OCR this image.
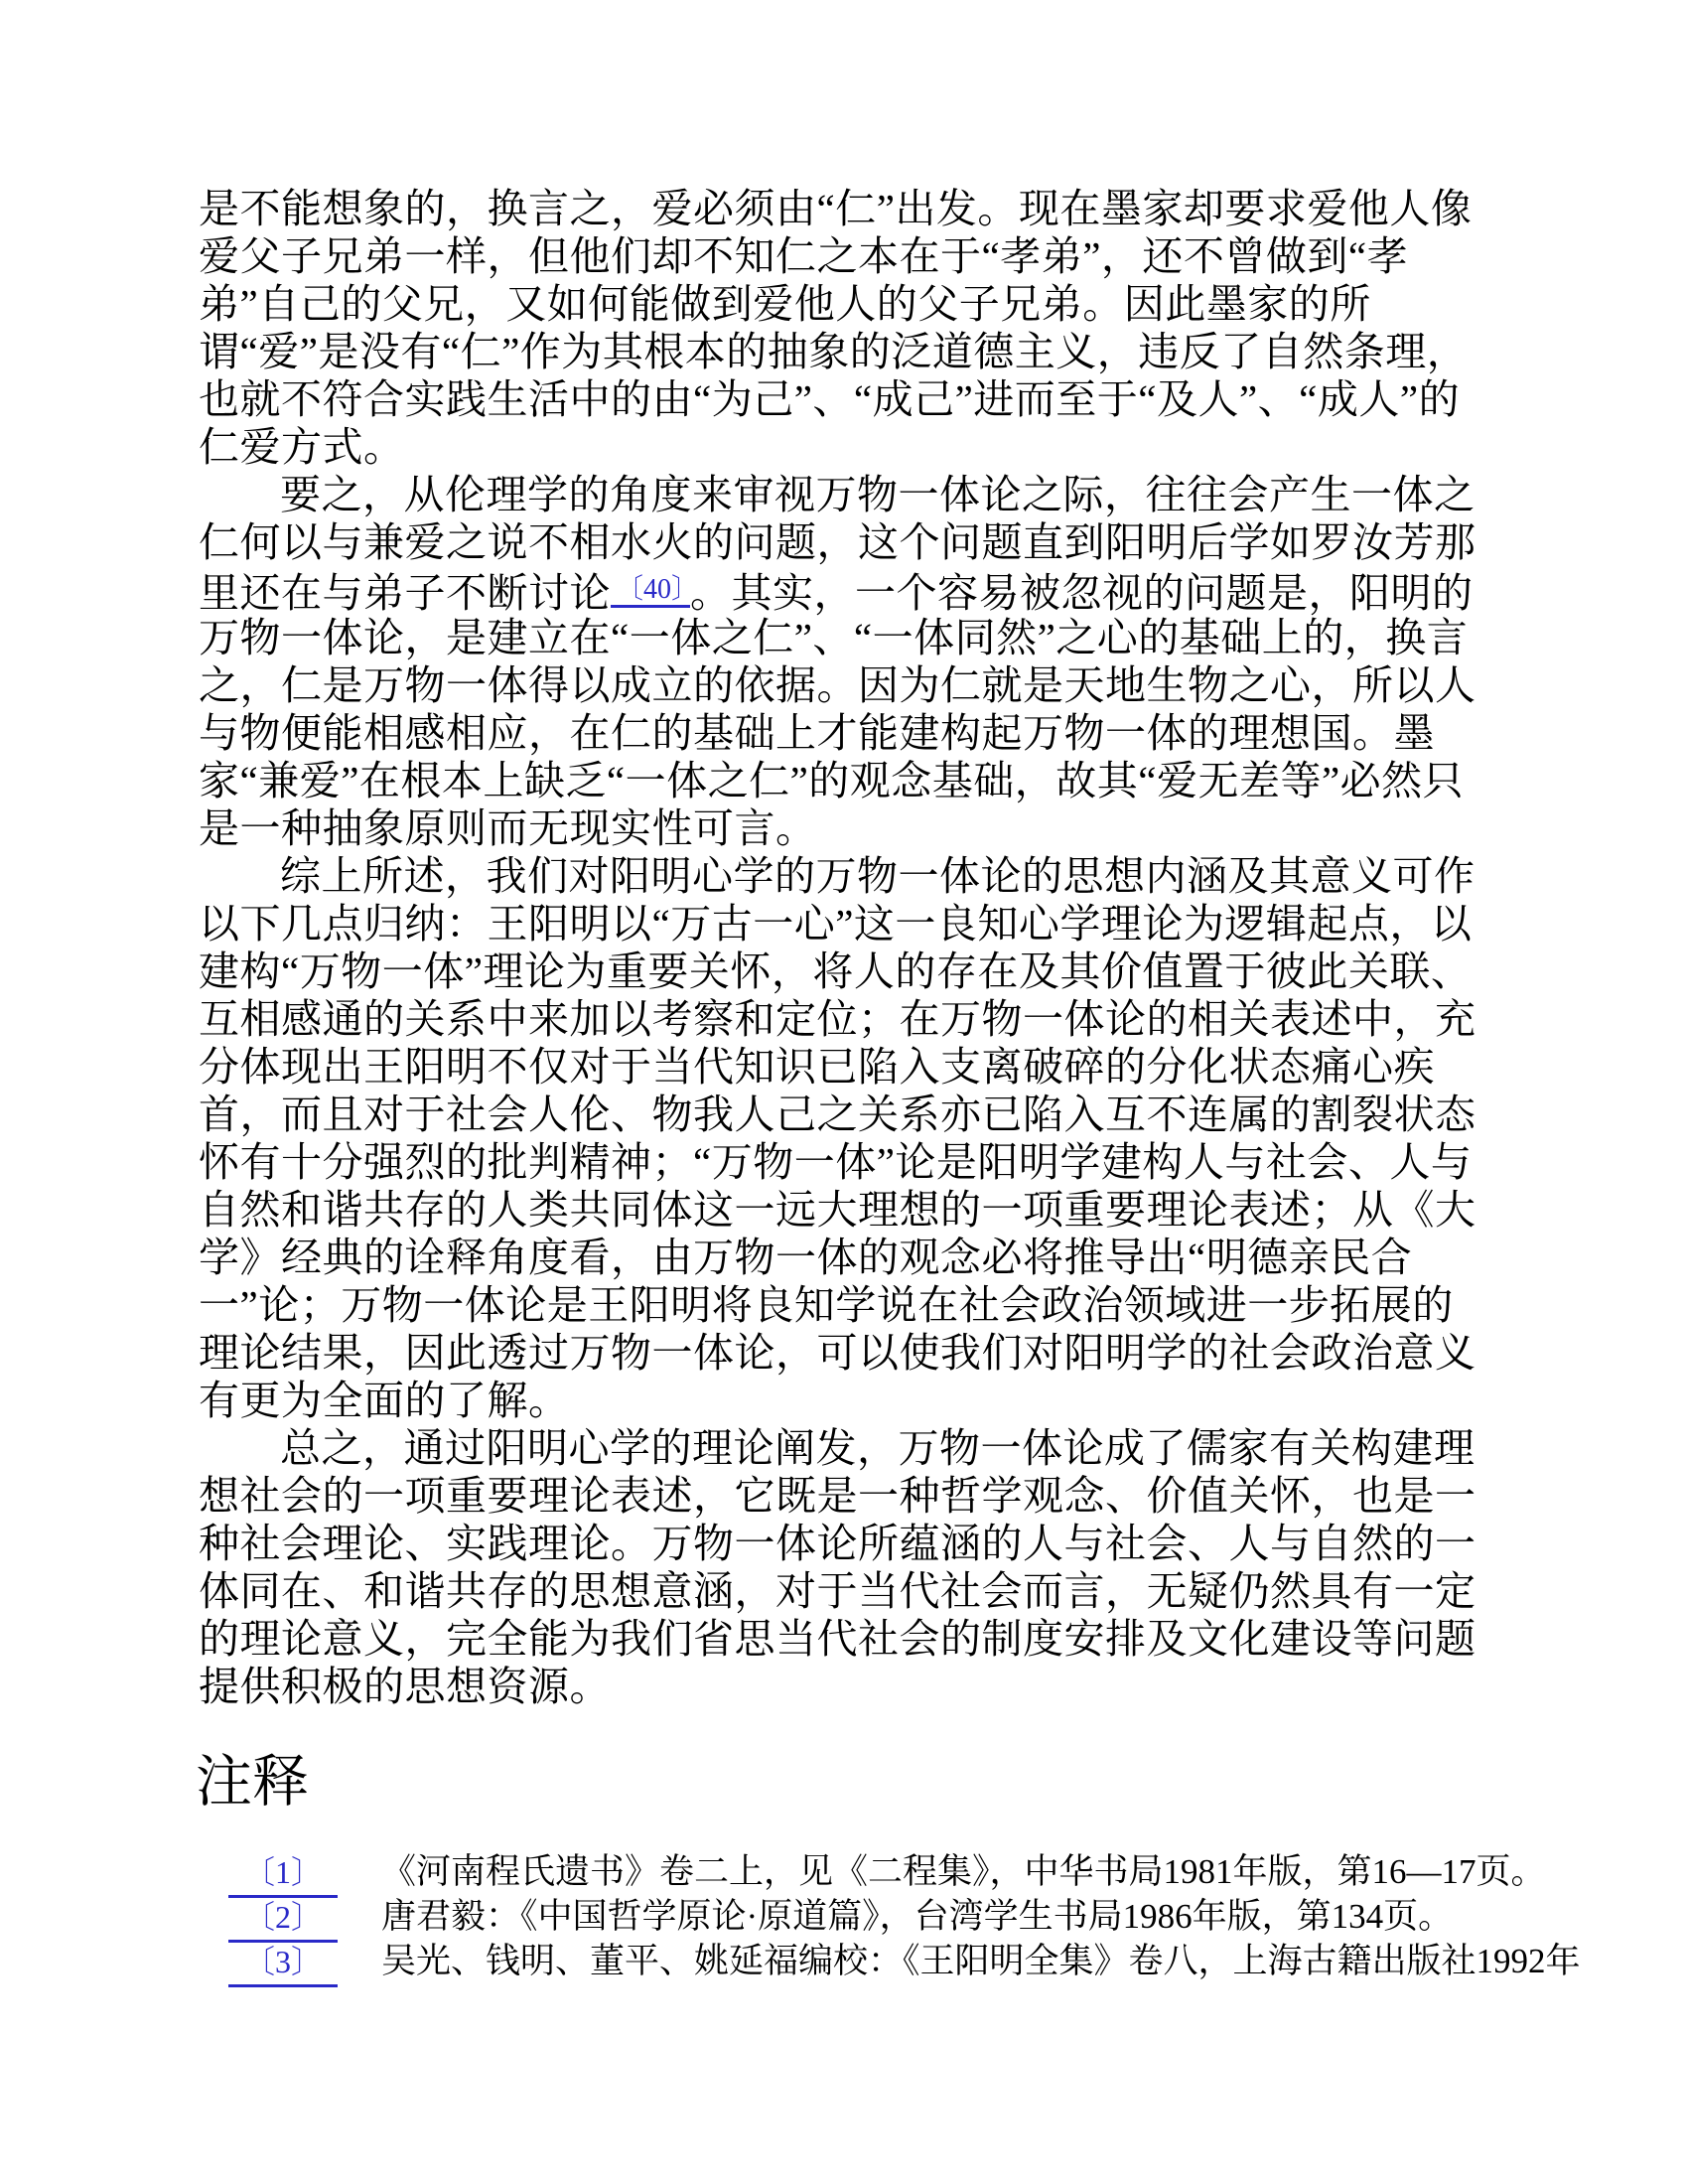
是不能想象的，换言之，爱必须由“仁”出发。现在墨家却要求爱他人像
爱父子兄弟一样，但他们却不知仁之本在于“孝弟”，还不曾做到“孝
弟”自己的父兄，又如何能做到爱他人的父子兄弟。因此墨家的所
谓“爱”是没有“仁”作为其根本的抽象的泛道德主义，违反了自然条理，
也就不符合实践生活中的由“为己”、“成己”进而至于“及人”、“成人”的
仁爱方式。
要之，从伦理学的角度来审视万物一体论之际，往往会产生一体之
仁何以与兼爱之说不相水火的问题，这个问题直到阳明后学如罗汝芳那
里还在与弟子不断讨论 $^{〔40〕}$ 。其实，一个容易被忽视的问题是，阳明的
万物一体论，是建立在“一体之仁”、“一体同然”之心的基础上的，换言
之，仁是万物一体得以成立的依据。因为仁就是天地生物之心，所以人
与物便能相感相应，在仁的基础上才能建构起万物一体的理想国。墨
家“兼爱”在根本上缺乏“一体之仁”的观念基础，故其“爱无差等”必然只
是一种抽象原则而无现实性可言。
综上所述，我们对阳明心学的万物一体论的思想内涵及其意义可作
以下几点归纳：王阳明以“万古一心”这一良知心学理论为逻辑起点，以
建构“万物一体”理论为重要关怀，将人的存在及其价值置于彼此关联、
互相感通的关系中来加以考察和定位；在万物一体论的相关表述中，充
分体现出王阳明不仅对于当代知识已陷入支离破碎的分化状态痛心疾
首，而且对于社会人伦、物我人己之关系亦已陷入互不连属的割裂状态
怀有十分强烈的批判精神；“万物一体”论是阳明学建构人与社会、人与
自然和谐共存的人类共同体这一远大理想的一项重要理论表述；从《大
学》经典的诠释角度看，由万物一体的观念必将推导出“明德亲民合
一”论；万物一体论是王阳明将良知学说在社会政治领域进一步拓展的
理论结果，因此透过万物一体论，可以使我们对阳明学的社会政治意义
有更为全面的了解。
总之，通过阳明心学的理论阐发，万物一体论成了儒家有关构建理
想社会的一项重要理论表述，它既是一种哲学观念、价值关怀，也是一
种社会理论、实践理论。万物一体论所蕴涵的人与社会、人与自然的一
体同在、和谐共存的思想意涵，对于当代社会而言，无疑仍然具有一定
的理论意义，完全能为我们省思当代社会的制度安排及文化建设等问题
提供积极的思想资源。
注释
〔1〕	《河南程氏遗书》卷二上，见《二程集》，中华书局1981年版，第16—17页。
〔2〕	唐君毅：《中国哲学原论·原道篇》，台湾学生书局1986年版，第134页。
〔3〕	吴光、钱明、董平、姚延福编校：《王阳明全集》卷八，上海古籍出版社1992年
